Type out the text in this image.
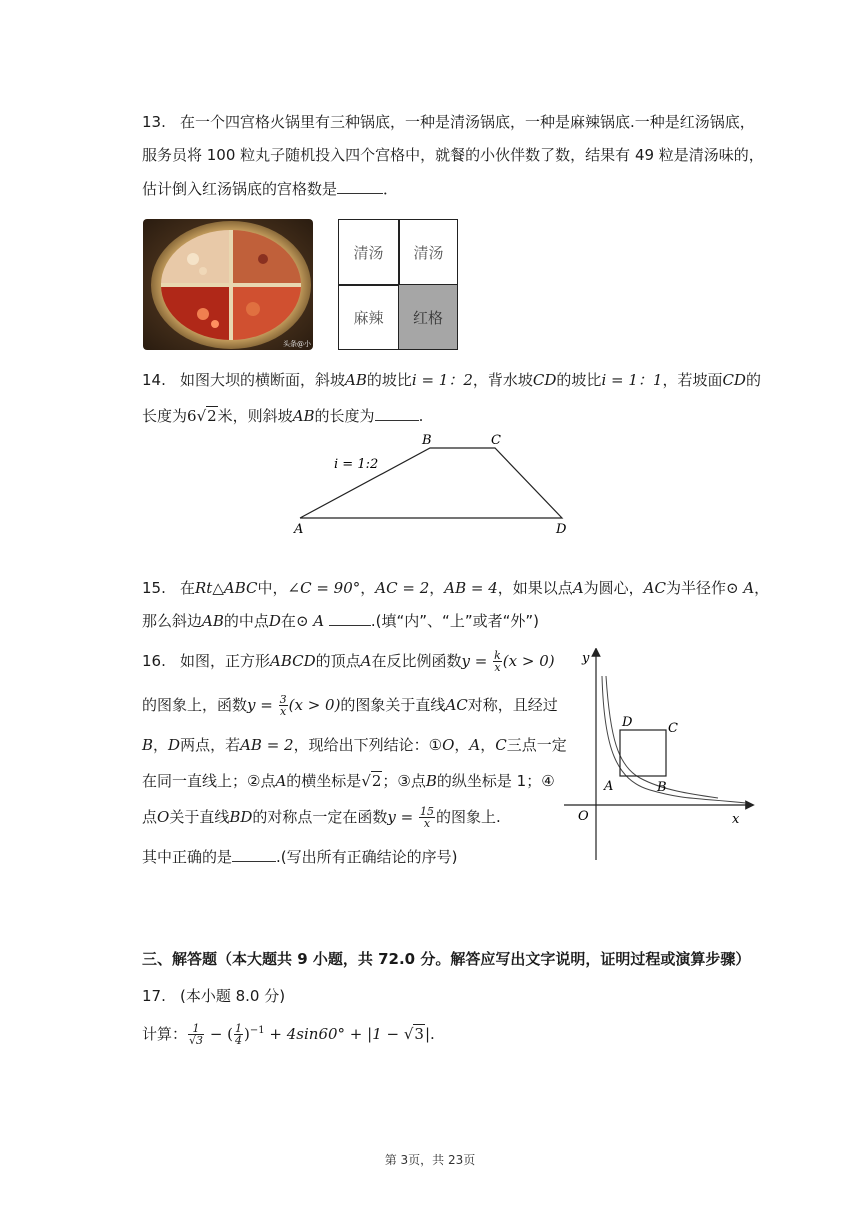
13. 在一个四宫格火锅里有三种锅底，一种是清汤锅底，一种是麻辣锅底.一种是红汤锅底，
服务员将 100 粒丸子随机投入四个宫格中，就餐的小伙伴数了数，结果有 49 粒是清汤味的，
估计倒入红汤锅底的宫格数是	．
头条@小
清汤	清汤
麻辣	红格
14. 如图大坝的横断面，斜坡AB的坡比i = 1：2，背水坡CD的坡比i = 1：1，若坡面CD的
长度为6√2米，则斜坡AB的长度为	.
B	C
A	D
i = 1:2
15. 在Rt△ABC中，∠C = 90°，AC = 2，AB = 4，如果以点A为圆心，AC为半径作⊙ A，
那么斜边AB的中点D在⊙ A	.(填“内”、“上”或者“外”)
16. 如图，正方形ABCD的顶点A在反比例函数$y = \frac{k}{x} (x > 0)$
的图象上，函数$y = \frac{3}{x} (x > 0)$的图象关于直线AC对称，且经过
B，D两点，若AB = 2，现给出下列结论：①O，A，C三点一定
在同一直线上；②点A的横坐标是√2；③点B的纵坐标是 1；④
点O关于直线BD的对称点一定在函数$y = \frac{15}{x}$ 的图象上.
其中正确的是	.(写出所有正确结论的序号)
y
x
O
D	C
A	B
三、解答题（本大题共 9 小题，共 72.0 分。解答应写出文字说明，证明过程或演算步骤）
17. (本小题 8.0 分)
计算： $\frac{1}{√3}$ − ( $\frac{1}{4} )^{-1} + 4\sin 60^\circ + |1 - √3|$.
第 3页，共 23页
